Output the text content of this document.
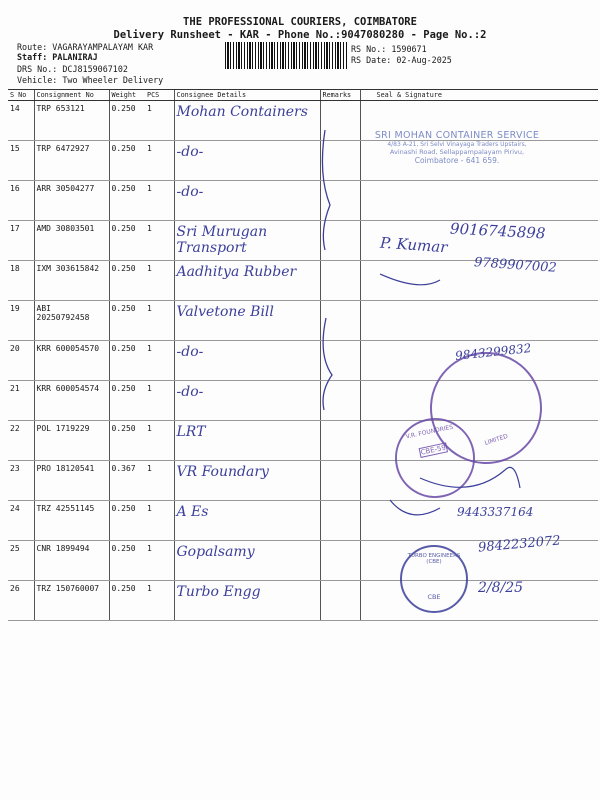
THE PROFESSIONAL COURIERS, COIMBATORE
Delivery Runsheet - KAR - Phone No.:9047080280 - Page No.:2
Route: VAGARAYAMPALAYAM KAR
Staff: PALANIRAJ
DRS No.: DCJ8159067102
Vehicle: Two Wheeler Delivery
RS No.: 1590671
RS Date: 02-Aug-2025
S No	Consignment No	Weight	PCS	Consignee Details	Remarks	Seal & Signature
14	TRP 653121	0.250	1	Mohan Containers		
15	TRP 6472927	0.250	1	-do-		
16	ARR 30504277	0.250	1	-do-		
17	AMD 30803501	0.250	1	Sri Murugan Transport		
18	IXM 303615842	0.250	1	Aadhitya Rubber		
19	ABI 20250792458	0.250	1	Valvetone Bill		
20	KRR 600054570	0.250	1	-do-		
21	KRR 600054574	0.250	1	-do-		
22	POL 1719229	0.250	1	LRT		
23	PRO 18120541	0.367	1	VR Foundary		
24	TRZ 42551145	0.250	1	A Es		
25	CNR 1899494	0.250	1	Gopalsamy		
26	TRZ 150760007	0.250	1	Turbo Engg		
SRI MOHAN CONTAINER SERVICE
4/83 A-21, Sri Selvi Vinayaga Traders Upstairs,
Avinashi Road, Sellappampalayam Pirivu,
Coimbatore - 641 659.
LIMITED
V.R. FOUNDRIES
CBE-59
TURBO ENGINEERS (CBE)
CBE
9016745898
P. Kumar
9789907002
9843299832
9443337164
9842232072
2/8/25
